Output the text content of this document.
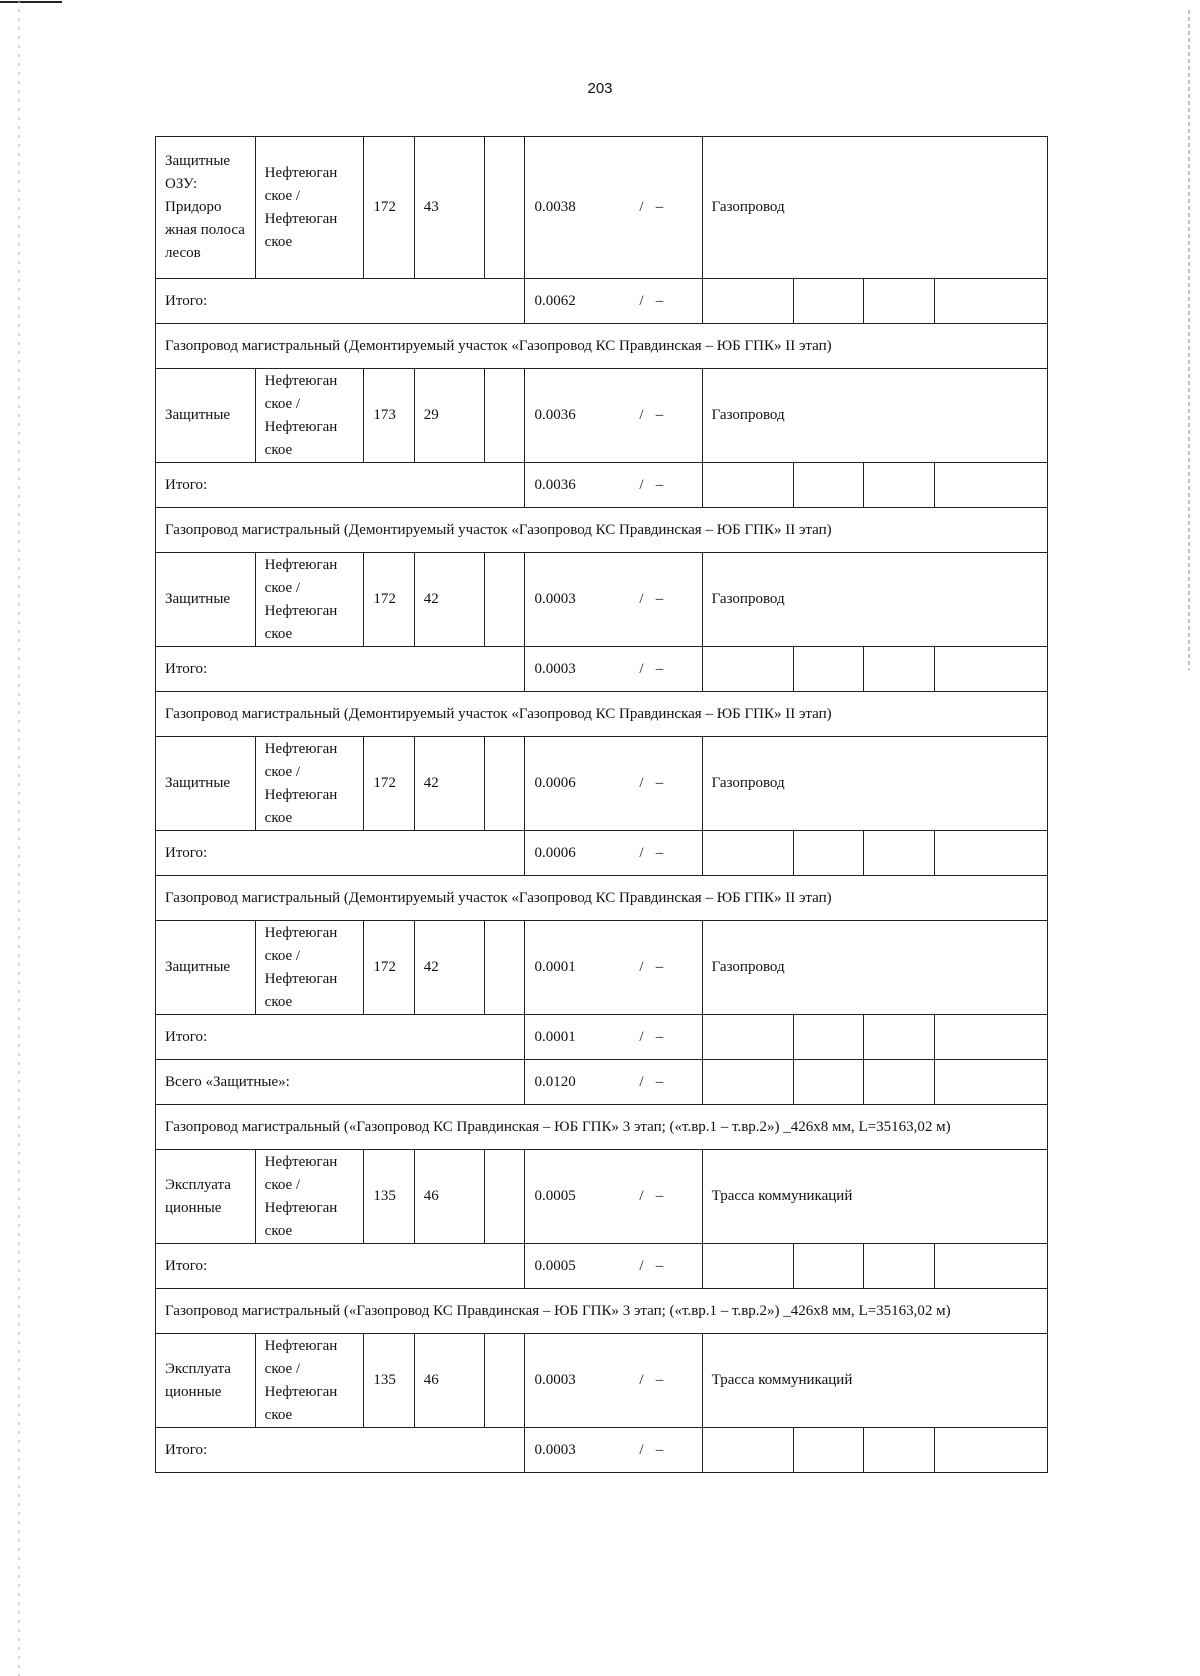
203
Защитные ОЗУ: Придоро жная полоса лесов	Нефтеюган ское / Нефтеюган ское	172	43		0.0038 / –	Газопровод			
Итого:					0.0062 / –				
Газопровод магистральный (Демонтируемый участок «Газопровод КС Правдинская – ЮБ ГПК» II этап)									
Защитные	Нефтеюган ское / Нефтеюган ское	173	29		0.0036 / –	Газопровод			
Итого:					0.0036 / –				
Газопровод магистральный (Демонтируемый участок «Газопровод КС Правдинская – ЮБ ГПК» II этап)									
Защитные	Нефтеюган ское / Нефтеюган ское	172	42		0.0003 / –	Газопровод			
Итого:					0.0003 / –				
Газопровод магистральный (Демонтируемый участок «Газопровод КС Правдинская – ЮБ ГПК» II этап)									
Защитные	Нефтеюган ское / Нефтеюган ское	172	42		0.0006 / –	Газопровод			
Итого:					0.0006 / –				
Газопровод магистральный (Демонтируемый участок «Газопровод КС Правдинская – ЮБ ГПК» II этап)									
Защитные	Нефтеюган ское / Нефтеюган ское	172	42		0.0001 / –	Газопровод			
Итого:					0.0001 / –				
Всего «Защитные»:					0.0120 / –				
Газопровод магистральный («Газопровод КС Правдинская – ЮБ ГПК» 3 этап; («т.вр.1 – т.вр.2») _426х8 мм, L=35163,02 м)									
Эксплуата ционные	Нефтеюган ское / Нефтеюган ское	135	46		0.0005 / –	Трасса коммуникаций			
Итого:					0.0005 / –				
Газопровод магистральный («Газопровод КС Правдинская – ЮБ ГПК» 3 этап; («т.вр.1 – т.вр.2») _426х8 мм, L=35163,02 м)									
Эксплуата ционные	Нефтеюган ское / Нефтеюган ское	135	46		0.0003 / –	Трасса коммуникаций			
Итого:					0.0003 / –				
